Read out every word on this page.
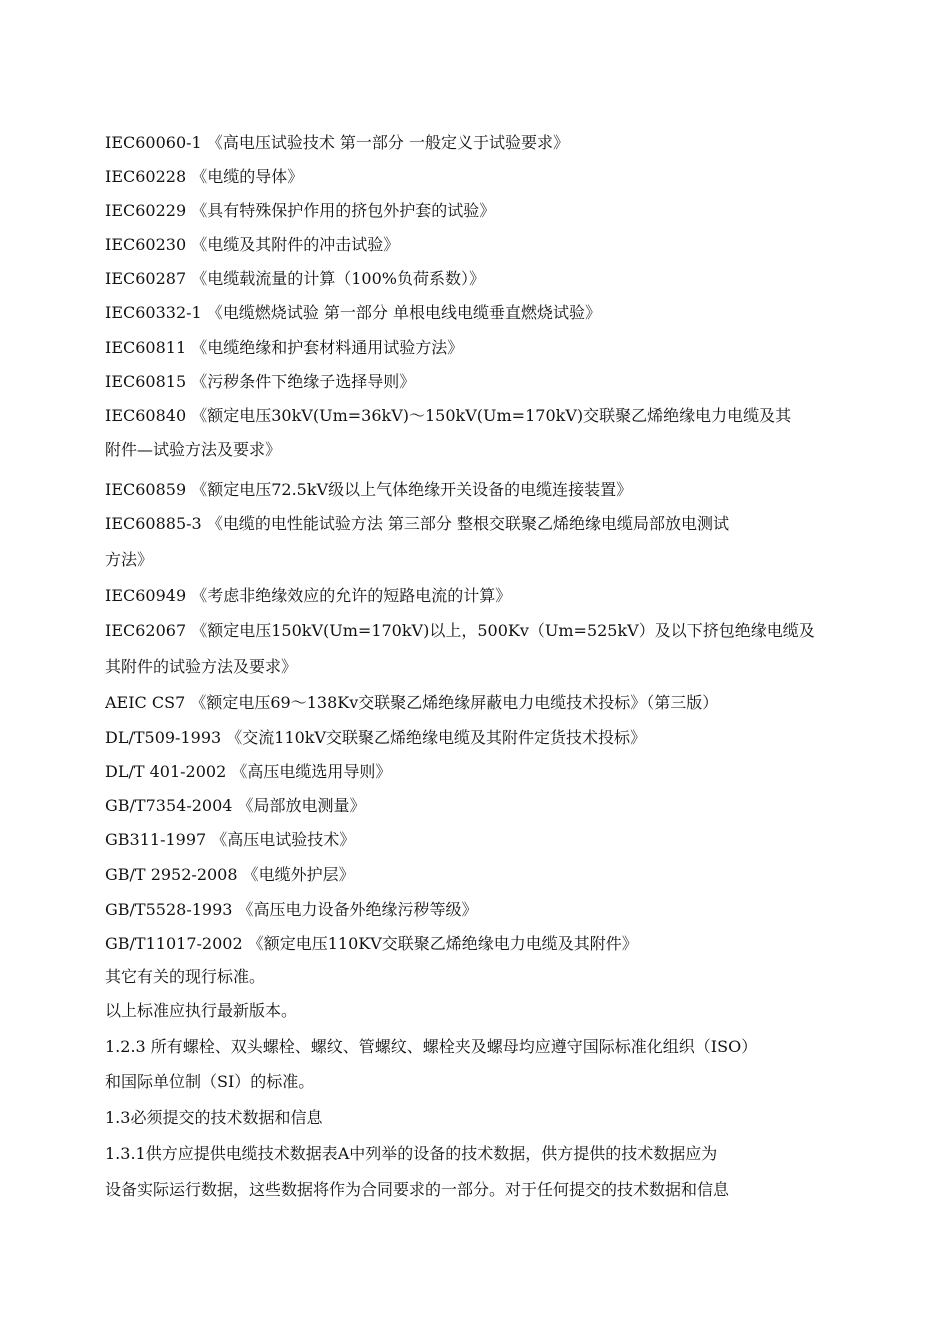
IEC60060-1 《高电压试验技术 第一部分 一般定义于试验要求》
IEC60228 《电缆的导体》
IEC60229 《具有特殊保护作用的挤包外护套的试验》
IEC60230 《电缆及其附件的冲击试验》
IEC60287 《电缆载流量的计算（100%负荷系数）》
IEC60332-1 《电缆燃烧试验 第一部分 单根电线电缆垂直燃烧试验》
IEC60811 《电缆绝缘和护套材料通用试验方法》
IEC60815 《污秽条件下绝缘子选择导则》
IEC60840 《额定电压30kV(Um=36kV)～150kV(Um=170kV)交联聚乙烯绝缘电力电缆及其
附件—试验方法及要求》
IEC60859 《额定电压72.5kV级以上气体绝缘开关设备的电缆连接装置》
IEC60885-3 《电缆的电性能试验方法 第三部分 整根交联聚乙烯绝缘电缆局部放电测试
方法》
IEC60949 《考虑非绝缘效应的允许的短路电流的计算》
IEC62067 《额定电压150kV(Um=170kV)以上，500Kv（Um=525kV）及以下挤包绝缘电缆及
其附件的试验方法及要求》
AEIC CS7 《额定电压69～138Kv交联聚乙烯绝缘屏蔽电力电缆技术投标》（第三版）
DL/T509-1993 《交流110kV交联聚乙烯绝缘电缆及其附件定货技术投标》
DL/T 401-2002 《高压电缆选用导则》
GB/T7354-2004 《局部放电测量》
GB311-1997 《高压电试验技术》
GB/T 2952-2008 《电缆外护层》
GB/T5528-1993 《高压电力设备外绝缘污秽等级》
GB/T11017-2002 《额定电压110KV交联聚乙烯绝缘电力电缆及其附件》
其它有关的现行标准。
以上标准应执行最新版本。
1.2.3 所有螺栓、双头螺栓、螺纹、管螺纹、螺栓夹及螺母均应遵守国际标准化组织（ISO）
和国际单位制（SI）的标准。
1.3必须提交的技术数据和信息
1.3.1供方应提供电缆技术数据表A中列举的设备的技术数据，供方提供的技术数据应为
设备实际运行数据，这些数据将作为合同要求的一部分。对于任何提交的技术数据和信息
